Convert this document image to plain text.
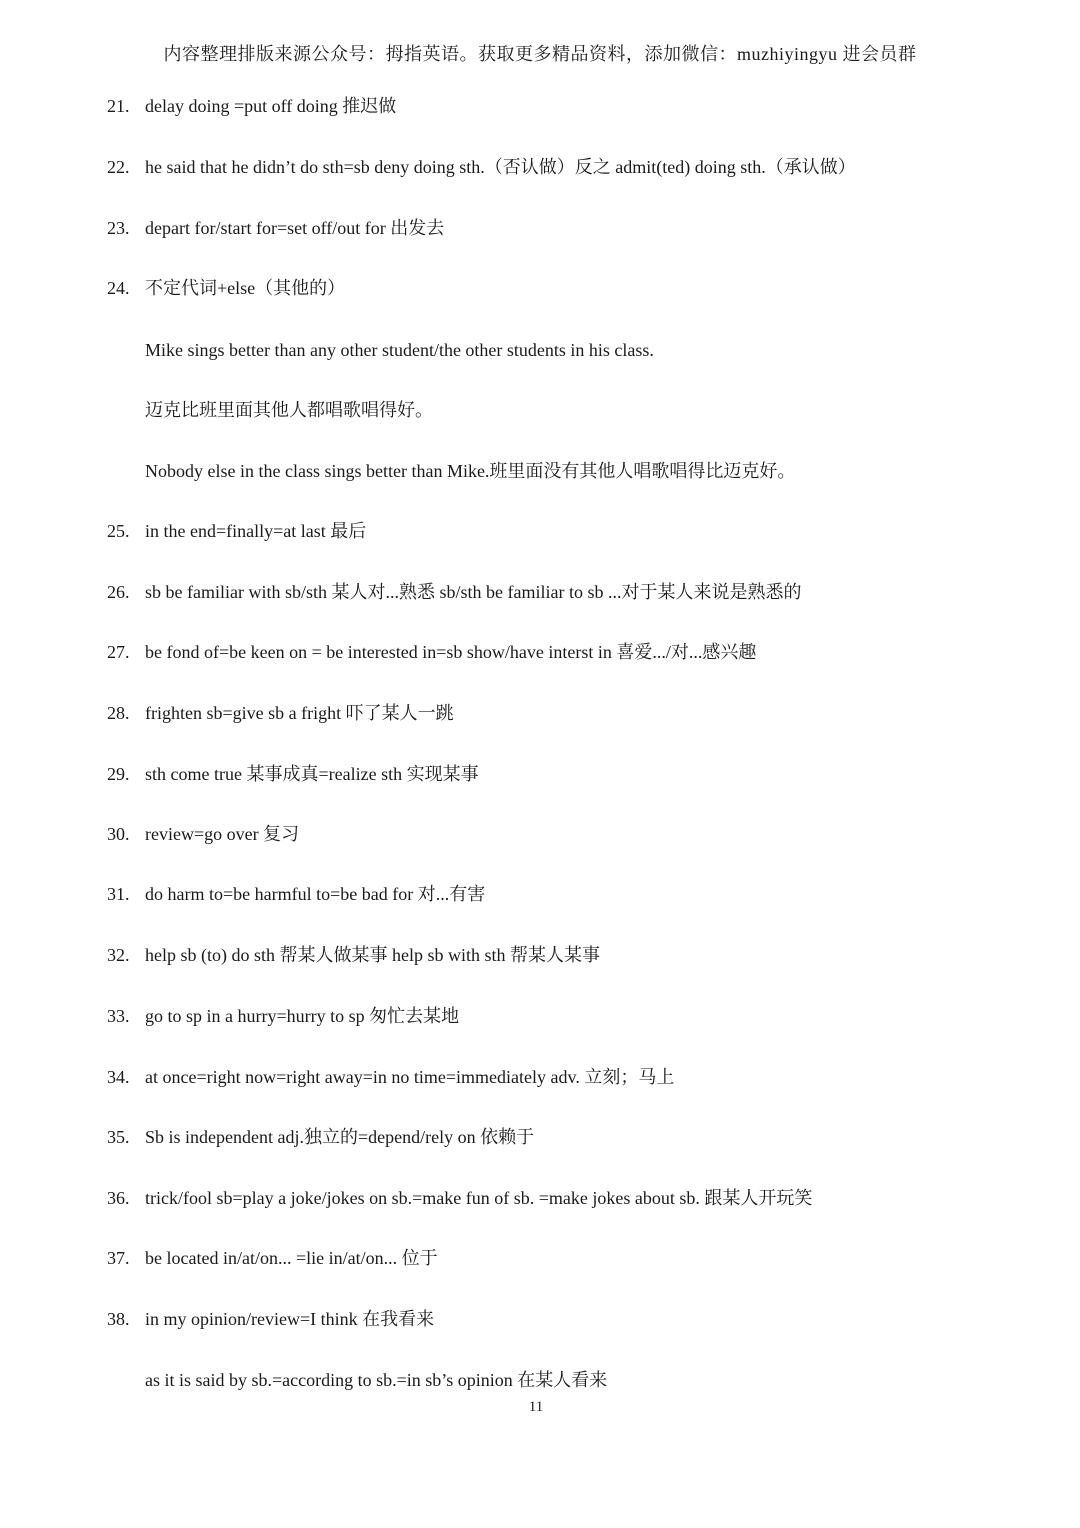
内容整理排版来源公众号：拇指英语。获取更多精品资料，添加微信：muzhiyingyu 进会员群
21. delay doing =put off doing 推迟做
22. he said that he didn’t do sth=sb deny doing sth.（否认做）反之 admit(ted) doing sth.（承认做）
23. depart for/start for=set off/out for 出发去
24. 不定代词+else（其他的）
Mike sings better than any other student/the other students in his class.
迈克比班里面其他人都唱歌唱得好。
Nobody else in the class sings better than Mike.班里面没有其他人唱歌唱得比迈克好。
25. in the end=finally=at last 最后
26. sb be familiar with sb/sth 某人对...熟悉 sb/sth be familiar to sb ...对于某人来说是熟悉的
27. be fond of=be keen on = be interested in=sb show/have interst in 喜爱.../对...感兴趣
28. frighten sb=give sb a fright 吓了某人一跳
29. sth come true 某事成真=realize sth 实现某事
30. review=go over 复习
31. do harm to=be harmful to=be bad for 对...有害
32. help sb (to) do sth 帮某人做某事 help sb with sth 帮某人某事
33. go to sp in a hurry=hurry to sp 匆忙去某地
34. at once=right now=right away=in no time=immediately adv. 立刻；马上
35. Sb is independent adj.独立的=depend/rely on 依赖于
36. trick/fool sb=play a joke/jokes on sb.=make fun of sb. =make jokes about sb. 跟某人开玩笑
37. be located in/at/on... =lie in/at/on... 位于
38. in my opinion/review=I think 在我看来
as it is said by sb.=according to sb.=in sb’s opinion 在某人看来
11
